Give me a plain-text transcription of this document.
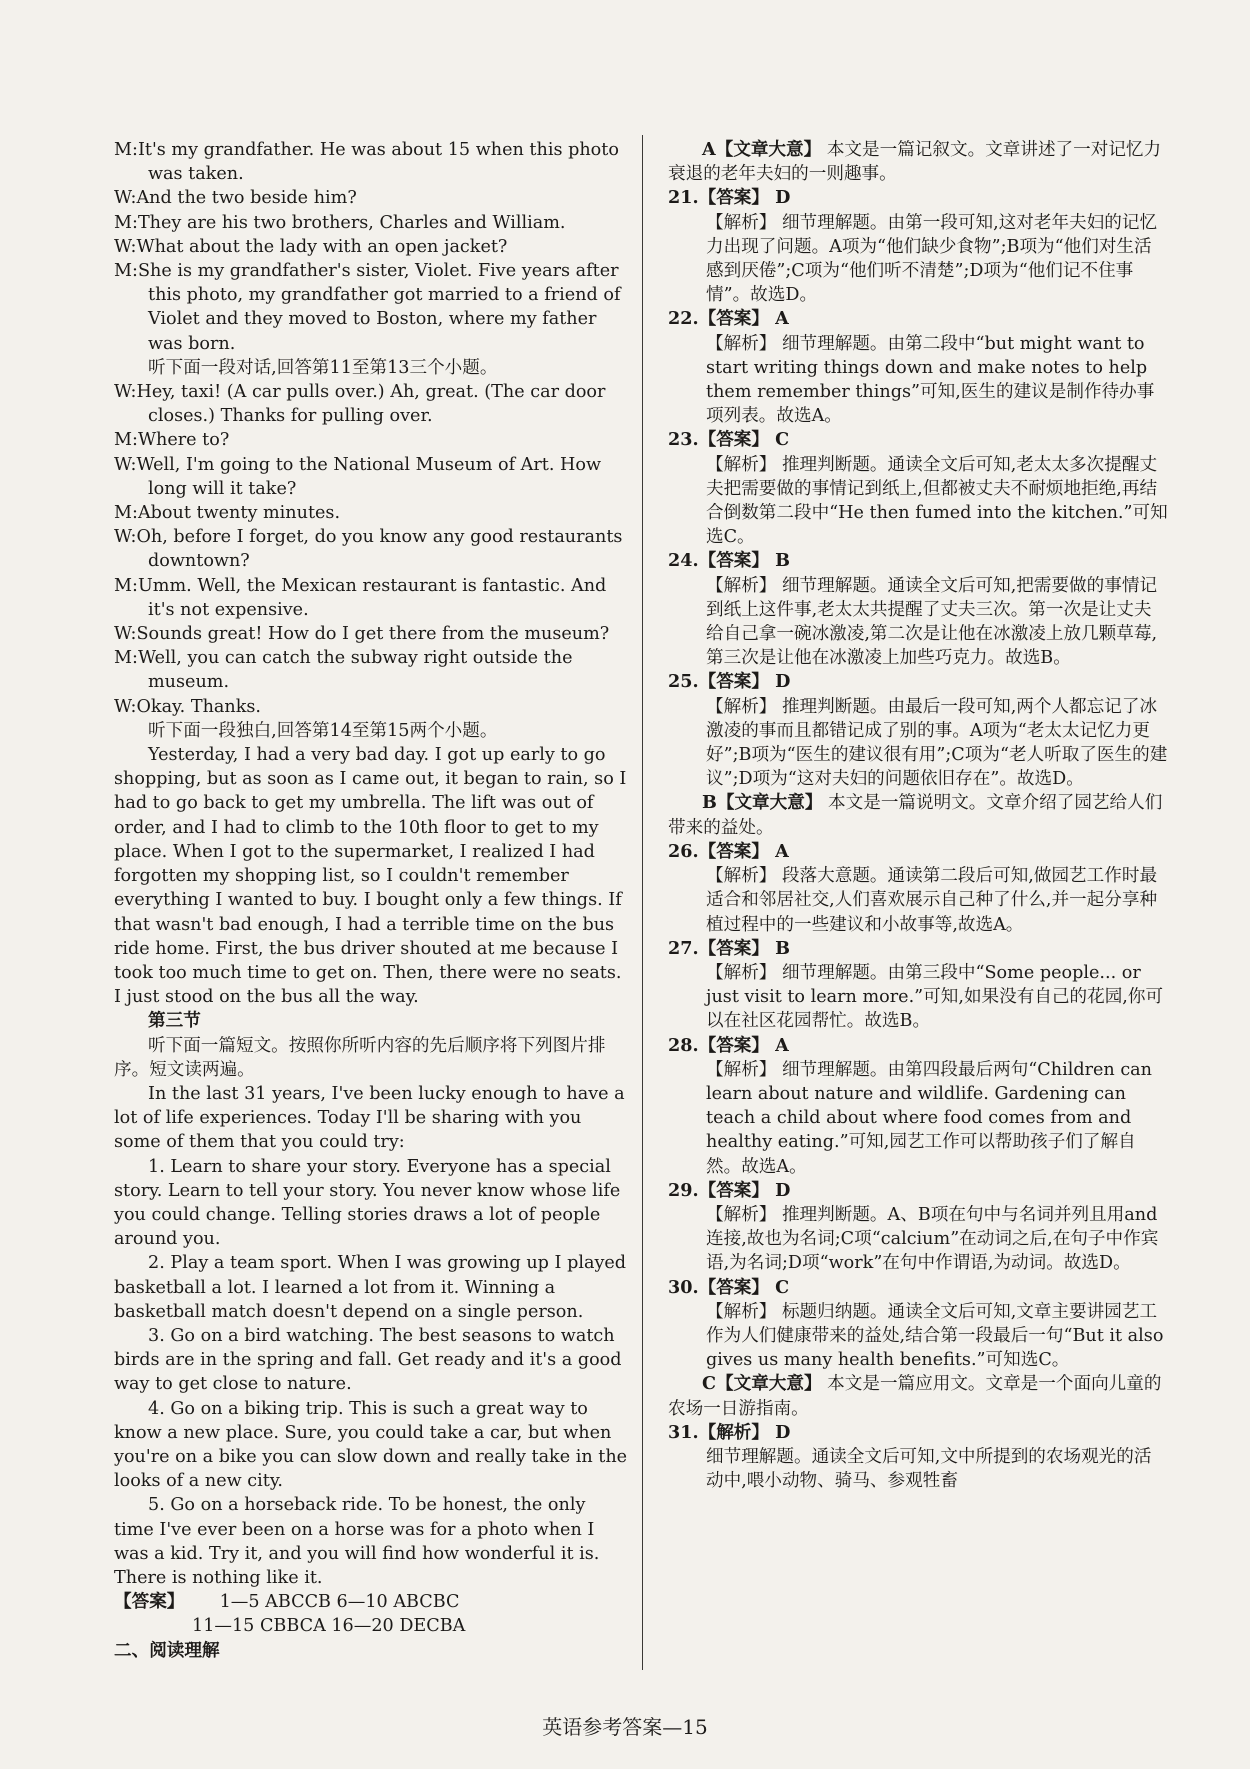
M:It's my grandfather. He was about 15 when this photo was taken.
W:And the two beside him?
M:They are his two brothers, Charles and William.
W:What about the lady with an open jacket?
M:She is my grandfather's sister, Violet. Five years after this photo, my grandfather got married to a friend of Violet and they moved to Boston, where my father was born.
听下面一段对话,回答第11至第13三个小题。
W:Hey, taxi! (A car pulls over.) Ah, great. (The car door closes.) Thanks for pulling over.
M:Where to?
W:Well, I'm going to the National Museum of Art. How long will it take?
M:About twenty minutes.
W:Oh, before I forget, do you know any good restaurants downtown?
M:Umm. Well, the Mexican restaurant is fantastic. And it's not expensive.
W:Sounds great! How do I get there from the museum?
M:Well, you can catch the subway right outside the museum.
W:Okay. Thanks.
听下面一段独白,回答第14至第15两个小题。
Yesterday, I had a very bad day. I got up early to go shopping, but as soon as I came out, it began to rain, so I had to go back to get my umbrella. The lift was out of order, and I had to climb to the 10th floor to get to my place. When I got to the supermarket, I realized I had forgotten my shopping list, so I couldn't remember everything I wanted to buy. I bought only a few things. If that wasn't bad enough, I had a terrible time on the bus ride home. First, the bus driver shouted at me because I took too much time to get on. Then, there were no seats. I just stood on the bus all the way.
第三节
听下面一篇短文。按照你所听内容的先后顺序将下列图片排序。短文读两遍。
In the last 31 years, I've been lucky enough to have a lot of life experiences. Today I'll be sharing with you some of them that you could try:
1. Learn to share your story. Everyone has a special story. Learn to tell your story. You never know whose life you could change. Telling stories draws a lot of people around you.
2. Play a team sport. When I was growing up I played basketball a lot. I learned a lot from it. Winning a basketball match doesn't depend on a single person.
3. Go on a bird watching. The best seasons to watch birds are in the spring and fall. Get ready and it's a good way to get close to nature.
4. Go on a biking trip. This is such a great way to know a new place. Sure, you could take a car, but when you're on a bike you can slow down and really take in the looks of a new city.
5. Go on a horseback ride. To be honest, the only time I've ever been on a horse was for a photo when I was a kid. Try it, and you will find how wonderful it is. There is nothing like it.
【答案】 1—5 ABCCB 6—10 ABCBC
11—15 CBBCA 16—20 DECBA
二、阅读理解
A【文章大意】 本文是一篇记叙文。文章讲述了一对记忆力衰退的老年夫妇的一则趣事。
21.【答案】 D
【解析】 细节理解题。由第一段可知,这对老年夫妇的记忆力出现了问题。A项为“他们缺少食物”;B项为“他们对生活感到厌倦”;C项为“他们听不清楚”;D项为“他们记不住事情”。故选D。
22.【答案】 A
【解析】 细节理解题。由第二段中“but might want to start writing things down and make notes to help them remember things”可知,医生的建议是制作待办事项列表。故选A。
23.【答案】 C
【解析】 推理判断题。通读全文后可知,老太太多次提醒丈夫把需要做的事情记到纸上,但都被丈夫不耐烦地拒绝,再结合倒数第二段中“He then fumed into the kitchen.”可知选C。
24.【答案】 B
【解析】 细节理解题。通读全文后可知,把需要做的事情记到纸上这件事,老太太共提醒了丈夫三次。第一次是让丈夫给自己拿一碗冰激凌,第二次是让他在冰激凌上放几颗草莓,第三次是让他在冰激凌上加些巧克力。故选B。
25.【答案】 D
【解析】 推理判断题。由最后一段可知,两个人都忘记了冰激凌的事而且都错记成了别的事。A项为“老太太记忆力更好”;B项为“医生的建议很有用”;C项为“老人听取了医生的建议”;D项为“这对夫妇的问题依旧存在”。故选D。
B【文章大意】 本文是一篇说明文。文章介绍了园艺给人们带来的益处。
26.【答案】 A
【解析】 段落大意题。通读第二段后可知,做园艺工作时最适合和邻居社交,人们喜欢展示自己种了什么,并一起分享种植过程中的一些建议和小故事等,故选A。
27.【答案】 B
【解析】 细节理解题。由第三段中“Some people... or just visit to learn more.”可知,如果没有自己的花园,你可以在社区花园帮忙。故选B。
28.【答案】 A
【解析】 细节理解题。由第四段最后两句“Children can learn about nature and wildlife. Gardening can teach a child about where food comes from and healthy eating.”可知,园艺工作可以帮助孩子们了解自然。故选A。
29.【答案】 D
【解析】 推理判断题。A、B项在句中与名词并列且用and连接,故也为名词;C项“calcium”在动词之后,在句子中作宾语,为名词;D项“work”在句中作谓语,为动词。故选D。
30.【答案】 C
【解析】 标题归纳题。通读全文后可知,文章主要讲园艺工作为人们健康带来的益处,结合第一段最后一句“But it also gives us many health benefits.”可知选C。
C【文章大意】 本文是一篇应用文。文章是一个面向儿童的农场一日游指南。
31.【解析】 D
细节理解题。通读全文后可知,文中所提到的农场观光的活动中,喂小动物、骑马、参观牲畜
英语参考答案—15
